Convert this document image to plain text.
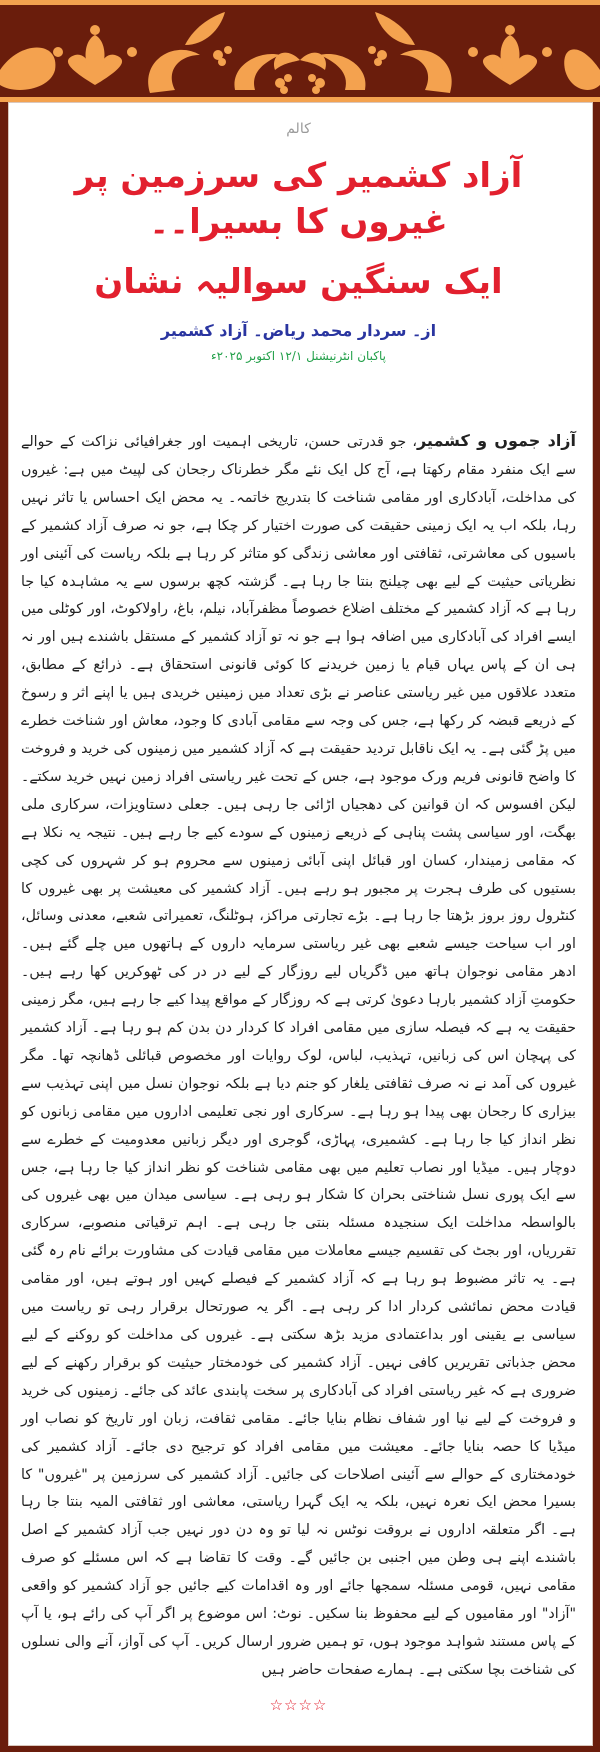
کالم
آزاد کشمیر کی سرزمین پر غیروں کا بسیرا۔۔
ایک سنگین سوالیہ نشان
از۔ سردار محمد ریاض۔ آزاد کشمیر
پاکبان انٹرنیشنل ۱۲/۱ اکتوبر ۲۰۲۵ء
آزاد جموں و کشمیر، جو قدرتی حسن، تاریخی اہمیت اور جغرافیائی نزاکت کے حوالے سے ایک منفرد مقام رکھتا ہے، آج کل ایک نئے مگر خطرناک رجحان کی لپیٹ میں ہے: غیروں کی مداخلت، آبادکاری اور مقامی شناخت کا بتدریج خاتمہ۔ یہ محض ایک احساس یا تاثر نہیں رہا، بلکہ اب یہ ایک زمینی حقیقت کی صورت اختیار کر چکا ہے، جو نہ صرف آزاد کشمیر کے باسیوں کی معاشرتی، ثقافتی اور معاشی زندگی کو متاثر کر رہا ہے بلکہ ریاست کی آئینی اور نظریاتی حیثیت کے لیے بھی چیلنج بنتا جا رہا ہے۔ گزشتہ کچھ برسوں سے یہ مشاہدہ کیا جا رہا ہے کہ آزاد کشمیر کے مختلف اضلاع خصوصاً مظفرآباد، نیلم، باغ، راولاکوٹ، اور کوٹلی میں ایسے افراد کی آبادکاری میں اضافہ ہوا ہے جو نہ تو آزاد کشمیر کے مستقل باشندے ہیں اور نہ ہی ان کے پاس یہاں قیام یا زمین خریدنے کا کوئی قانونی استحقاق ہے۔ ذرائع کے مطابق، متعدد علاقوں میں غیر ریاستی عناصر نے بڑی تعداد میں زمینیں خریدی ہیں یا اپنے اثر و رسوخ کے ذریعے قبضہ کر رکھا ہے، جس کی وجہ سے مقامی آبادی کا وجود، معاش اور شناخت خطرے میں پڑ گئی ہے۔ یہ ایک ناقابل تردید حقیقت ہے کہ آزاد کشمیر میں زمینوں کی خرید و فروخت کا واضح قانونی فریم ورک موجود ہے، جس کے تحت غیر ریاستی افراد زمین نہیں خرید سکتے۔ لیکن افسوس کہ ان قوانین کی دھجیاں اڑائی جا رہی ہیں۔ جعلی دستاویزات، سرکاری ملی بھگت، اور سیاسی پشت پناہی کے ذریعے زمینوں کے سودے کیے جا رہے ہیں۔ نتیجہ یہ نکلا ہے کہ مقامی زمیندار، کسان اور قبائل اپنی آبائی زمینوں سے محروم ہو کر شہروں کی کچی بستیوں کی طرف ہجرت پر مجبور ہو رہے ہیں۔ آزاد کشمیر کی معیشت پر بھی غیروں کا کنٹرول روز بروز بڑھتا جا رہا ہے۔ بڑے تجارتی مراکز، ہوٹلنگ، تعمیراتی شعبے، معدنی وسائل، اور اب سیاحت جیسے شعبے بھی غیر ریاستی سرمایہ داروں کے ہاتھوں میں چلے گئے ہیں۔ ادھر مقامی نوجوان ہاتھ میں ڈگریاں لیے روزگار کے لیے در در کی ٹھوکریں کھا رہے ہیں۔ حکومتِ آزاد کشمیر بارہا دعویٰ کرتی ہے کہ روزگار کے مواقع پیدا کیے جا رہے ہیں، مگر زمینی حقیقت یہ ہے کہ فیصلہ سازی میں مقامی افراد کا کردار دن بدن کم ہو رہا ہے۔ آزاد کشمیر کی پہچان اس کی زبانیں، تہذیب، لباس، لوک روایات اور مخصوص قبائلی ڈھانچہ تھا۔ مگر غیروں کی آمد نے نہ صرف ثقافتی یلغار کو جنم دیا ہے بلکہ نوجوان نسل میں اپنی تہذیب سے بیزاری کا رجحان بھی پیدا ہو رہا ہے۔ سرکاری اور نجی تعلیمی اداروں میں مقامی زبانوں کو نظر انداز کیا جا رہا ہے۔ کشمیری، پہاڑی، گوجری اور دیگر زبانیں معدومیت کے خطرے سے دوچار ہیں۔ میڈیا اور نصاب تعلیم میں بھی مقامی شناخت کو نظر انداز کیا جا رہا ہے، جس سے ایک پوری نسل شناختی بحران کا شکار ہو رہی ہے۔ سیاسی میدان میں بھی غیروں کی بالواسطہ مداخلت ایک سنجیدہ مسئلہ بنتی جا رہی ہے۔ اہم ترقیاتی منصوبے، سرکاری تقرریاں، اور بجٹ کی تقسیم جیسے معاملات میں مقامی قیادت کی مشاورت برائے نام رہ گئی ہے۔ یہ تاثر مضبوط ہو رہا ہے کہ آزاد کشمیر کے فیصلے کہیں اور ہوتے ہیں، اور مقامی قیادت محض نمائشی کردار ادا کر رہی ہے۔ اگر یہ صورتحال برقرار رہی تو ریاست میں سیاسی بے یقینی اور بداعتمادی مزید بڑھ سکتی ہے۔ غیروں کی مداخلت کو روکنے کے لیے محض جذباتی تقریریں کافی نہیں۔ آزاد کشمیر کی خودمختار حیثیت کو برقرار رکھنے کے لیے ضروری ہے کہ غیر ریاستی افراد کی آبادکاری پر سخت پابندی عائد کی جائے۔ زمینوں کی خرید و فروخت کے لیے نیا اور شفاف نظام بنایا جائے۔ مقامی ثقافت، زبان اور تاریخ کو نصاب اور میڈیا کا حصہ بنایا جائے۔ معیشت میں مقامی افراد کو ترجیح دی جائے۔ آزاد کشمیر کی خودمختاری کے حوالے سے آئینی اصلاحات کی جائیں۔ آزاد کشمیر کی سرزمین پر "غیروں" کا بسیرا محض ایک نعرہ نہیں، بلکہ یہ ایک گہرا ریاستی، معاشی اور ثقافتی المیہ بنتا جا رہا ہے۔ اگر متعلقہ اداروں نے بروقت نوٹس نہ لیا تو وہ دن دور نہیں جب آزاد کشمیر کے اصل باشندے اپنے ہی وطن میں اجنبی بن جائیں گے۔ وقت کا تقاضا ہے کہ اس مسئلے کو صرف مقامی نہیں، قومی مسئلہ سمجھا جائے اور وہ اقدامات کیے جائیں جو آزاد کشمیر کو واقعی "آزاد" اور مقامیوں کے لیے محفوظ بنا سکیں۔ نوٹ: اس موضوع پر اگر آپ کی رائے ہو، یا آپ کے پاس مستند شواہد موجود ہوں، تو ہمیں ضرور ارسال کریں۔ آپ کی آواز، آنے والی نسلوں کی شناخت بچا سکتی ہے۔ ہمارے صفحات حاضر ہیں
☆☆☆☆
